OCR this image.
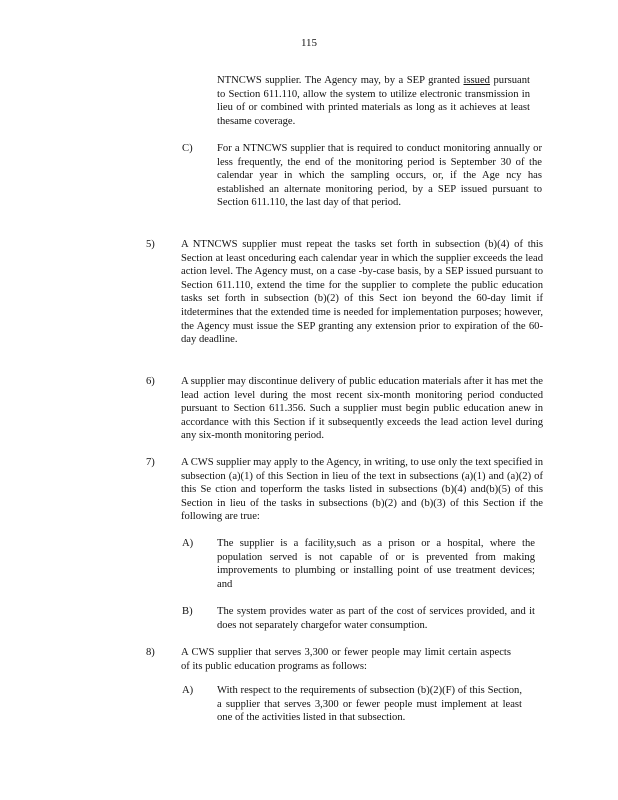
115
NTNCWS supplier. The Agency may, by a SEP granted issued pursuant to Section 611.110, allow the system to utilize electronic transmission in lieu of or combined with printed materials as long as it achieves at least thesame coverage.
C) For a NTNCWS supplier that is required to conduct monitoring annually or less frequently, the end of the monitoring period is September 30 of the calendar year in which the sampling occurs, or, if the Age ncy has established an alternate monitoring period, by a SEP issued pursuant to Section 611.110, the last day of that period.
5) A NTNCWS supplier must repeat the tasks set forth in subsection (b)(4) of this Section at least onceduring each calendar year in which the supplier exceeds the lead action level. The Agency must, on a case -by-case basis, by a SEP issued pursuant to Section 611.110, extend the time for the supplier to complete the public education tasks set forth in subsection (b)(2) of this Sect ion beyond the 60-day limit if itdetermines that the extended time is needed for implementation purposes; however, the Agency must issue the SEP granting any extension prior to expiration of the 60-day deadline.
6) A supplier may discontinue delivery of public education materials after it has met the lead action level during the most recent six-month monitoring period conducted pursuant to Section 611.356. Such a supplier must begin public education anew in accordance with this Section if it subsequently exceeds the lead action level during any six-month monitoring period.
7) A CWS supplier may apply to the Agency, in writing, to use only the text specified in subsection (a)(1) of this Section in lieu of the text in subsections (a)(1) and (a)(2) of this Se ction and toperform the tasks listed in subsections (b)(4) and(b)(5) of this Section in lieu of the tasks in subsections (b)(2) and (b)(3) of this Section if the following are true:
A) The supplier is a facility,such as a prison or a hospital, where the population served is not capable of or is prevented from making improvements to plumbing or installing point of use treatment devices; and
B) The system provides water as part of the cost of services provided, and it does not separately chargefor water consumption.
8) A CWS supplier that serves 3,300 or fewer people may limit certain aspects of its public education programs as follows:
A) With respect to the requirements of subsection (b)(2)(F) of this Section, a supplier that serves 3,300 or fewer people must implement at least one of the activities listed in that subsection.
